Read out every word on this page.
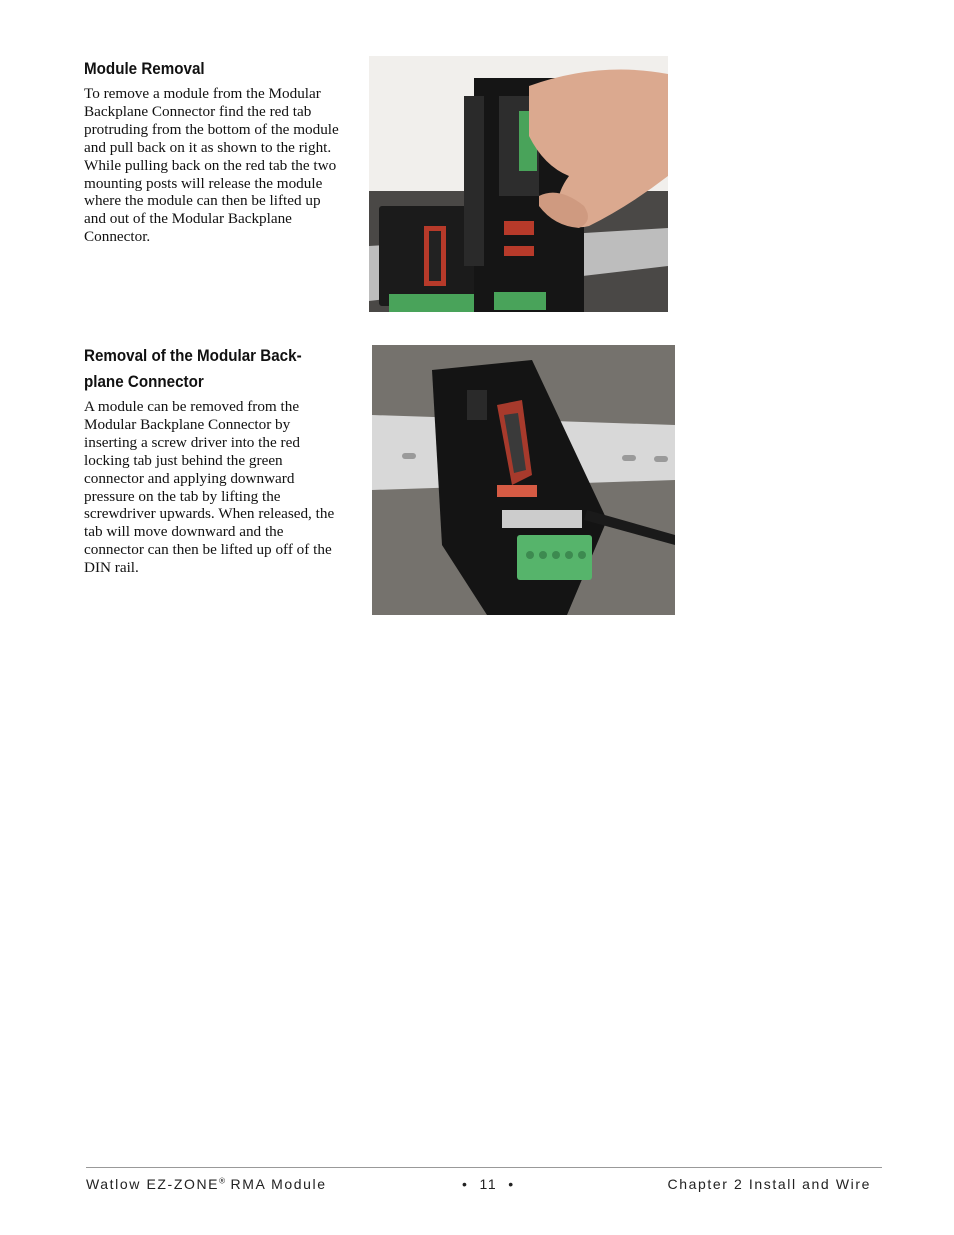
Module Removal

To remove a module from the Modular Backplane Connector find the red tab protruding from the bottom of the module and pull back on it as shown to the right. While pulling back on the red tab the two mounting posts will release the module where the module can then be lifted up and out of the Modular Backplane Connector.

Removal of the Modular Back-
plane Connector

A module can be removed from the Modular Backplane Connector by inserting a screw driver into the red locking tab just behind the green connector and applying downward pressure on the tab by lifting the screwdriver upwards. When released, the tab will move downward and the connector can then be lifted up off of the DIN rail.

Watlow EZ-ZONE® RMA Module	•  11  •	Chapter 2 Install and Wire
